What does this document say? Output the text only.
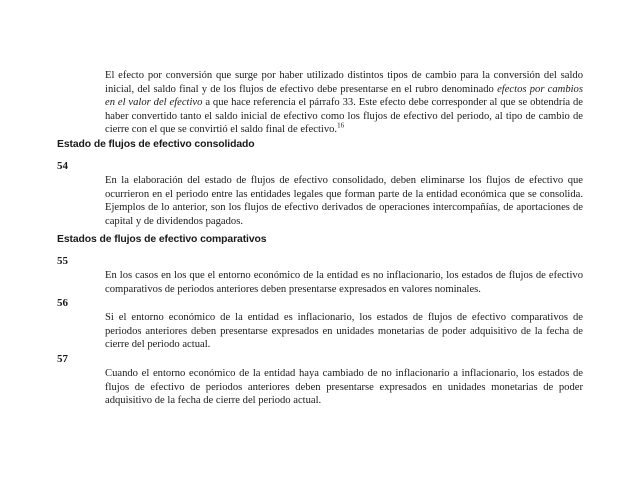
El efecto por conversión que surge por haber utilizado distintos tipos de cambio para la conversión del saldo inicial, del saldo final y de los flujos de efectivo debe presentarse en el rubro denominado efectos por cambios en el valor del efectivo a que hace referencia el párrafo 33. Este efecto debe corresponder al que se obtendría de haber convertido tanto el saldo inicial de efectivo como los flujos de efectivo del periodo, al tipo de cambio de cierre con el que se convirtió el saldo final de efectivo.$^{16}$

Estado de flujos de efectivo consolidado

54

En la elaboración del estado de flujos de efectivo consolidado, deben eliminarse los flujos de efectivo que ocurrieron en el periodo entre las entidades legales que forman parte de la entidad económica que se consolida. Ejemplos de lo anterior, son los flujos de efectivo derivados de operaciones intercompañías, de aportaciones de capital y de dividendos pagados.

Estados de flujos de efectivo comparativos

55

En los casos en los que el entorno económico de la entidad es no inflacionario, los estados de flujos de efectivo comparativos de periodos anteriores deben presentarse expresados en valores nominales.

56

Si el entorno económico de la entidad es inflacionario, los estados de flujos de efectivo comparativos de periodos anteriores deben presentarse expresados en unidades monetarias de poder adquisitivo de la fecha de cierre del periodo actual.

57

Cuando el entorno económico de la entidad haya cambiado de no inflacionario a inflacionario, los estados de flujos de efectivo de periodos anteriores deben presentarse expresados en unidades monetarias de poder adquisitivo de la fecha de cierre del periodo actual.
